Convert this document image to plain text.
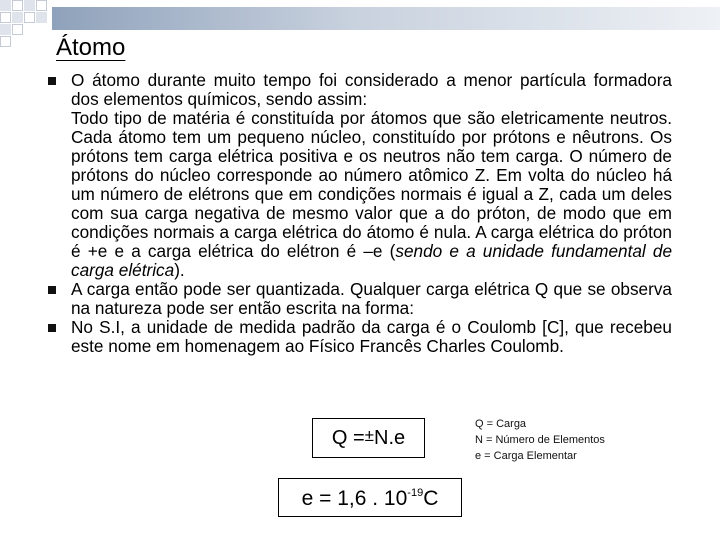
Átomo

O átomo durante muito tempo foi considerado a menor partícula formadora dos elementos químicos, sendo assim:

Todo tipo de matéria é constituída por átomos que são eletricamente neutros. Cada átomo tem um pequeno núcleo, constituído por prótons e nêutrons. Os prótons tem carga elétrica positiva e os neutros não tem carga. O número de prótons do núcleo corresponde ao número atômico Z. Em volta do núcleo há um número de elétrons que em condições normais é igual a Z, cada um deles com sua carga negativa de mesmo valor que a do próton, de modo que em condições normais a carga elétrica do átomo é nula. A carga elétrica do próton é +e e a carga elétrica do elétron é –e (sendo e a unidade fundamental de carga elétrica).

A carga então pode ser quantizada. Qualquer carga elétrica Q que se observa na natureza pode ser então escrita na forma:

No S.I, a unidade de medida padrão da carga é o Coulomb [C], que recebeu este nome em homenagem ao Físico Francês Charles Coulomb.

Q =±N.e
Q = Carga
N = Número de Elementos
e = Carga Elementar
e = 1,6 . $10^{-19}C$
